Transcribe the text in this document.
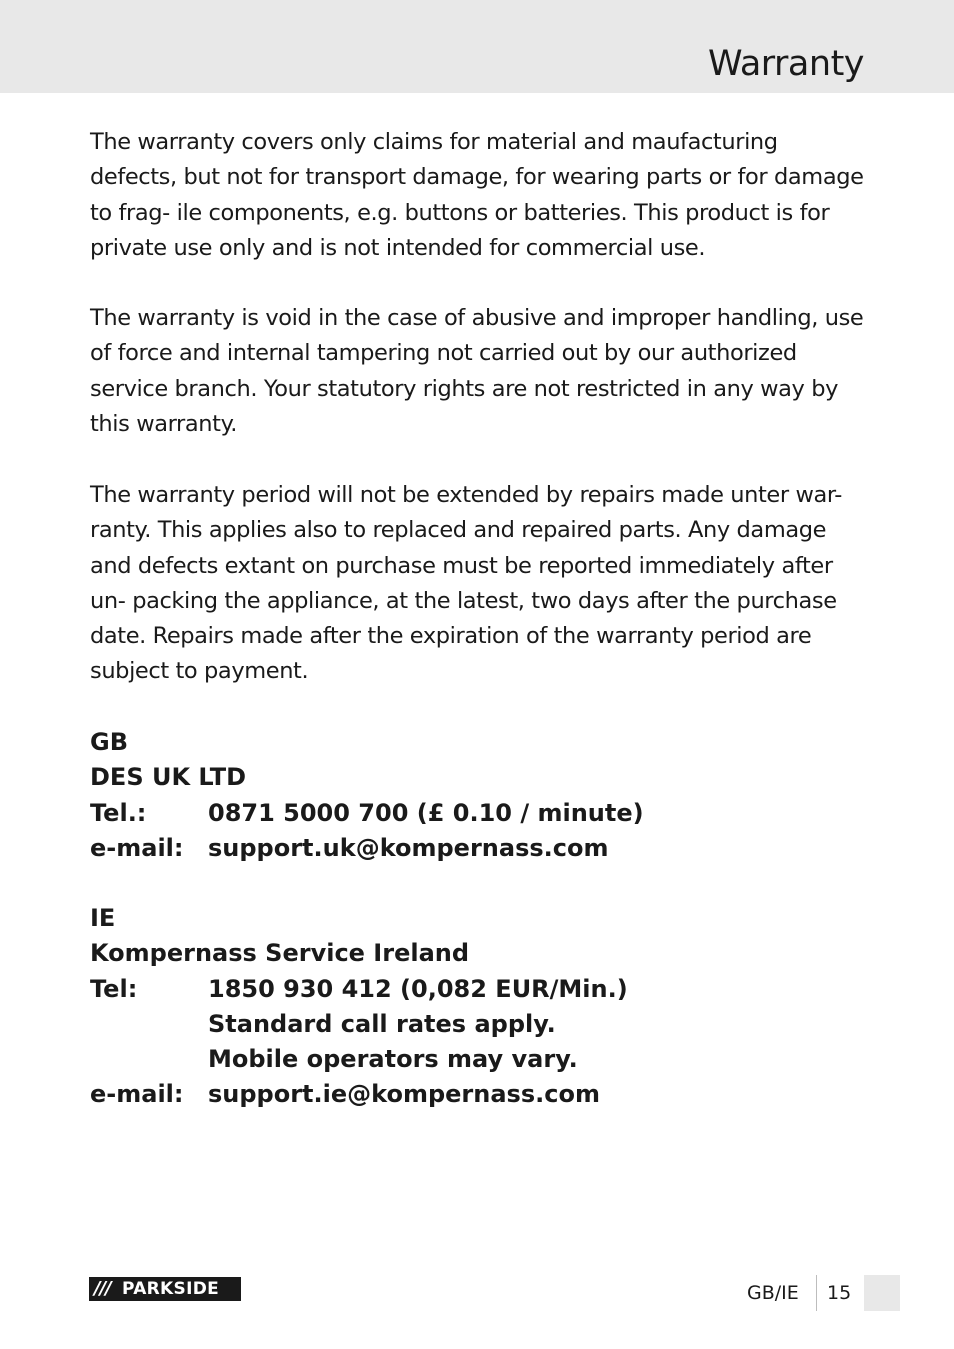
Warranty

The warranty covers only claims for material and maufacturing defects, but not for transport damage, for wearing parts or for damage to frag- ile components, e.g. buttons or batteries. This product is for private use only and is not intended for commercial use.

The warranty is void in the case of abusive and improper handling, use of force and internal tampering not carried out by our authorized service branch. Your statutory rights are not restricted in any way by this warranty.

The warranty period will not be extended by repairs made unter war- ranty. This applies also to replaced and repaired parts. Any damage and defects extant on purchase must be reported immediately after un- packing the appliance, at the latest, two days after the purchase date. Repairs made after the expiration of the warranty period are subject to payment.

GB
DES UK LTD
Tel.:	0871 5000 700 (£ 0.10 / minute)
e-mail:	support.uk@kompernass.com
IE
Kompernass Service Ireland
Tel:	1850 930 412 (0,082 EUR/Min.)
Standard call rates apply.
Mobile operators may vary.
e-mail:	support.ie@kompernass.com
/// PARKSIDE	GB/IE 15
